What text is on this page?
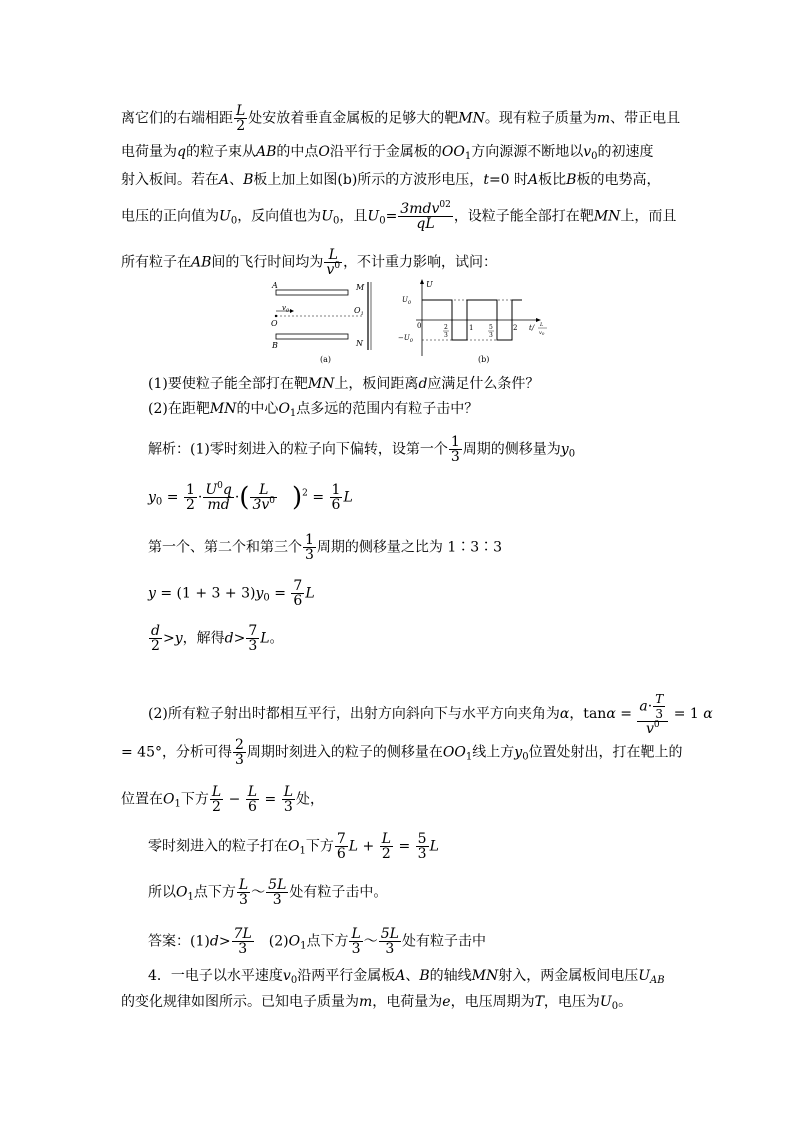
离它们的右端相距 $\frac{L}{2}$ 处安放着垂直金属板的足够大的靶MN。现有粒子质量为m、带正电且
电荷量为q的粒子束从AB的中点O沿平行于金属板的$OO_1$方向源源不断地以$v_0$的初速度
射入板间。若在A、B板上加上如图(b)所示的方波形电压，t=0 时A板比B板的电势高，
电压的正向值为$U_0$，反向值也为$U_0$，且$U_0= \frac{3mdv^{02}}{qL}$ ，设粒子能全部打在靶MN上，而且
所有粒子在AB间的飞行时间均为 $\frac{L}{v^0}$ ，不计重力影响，试问：
A
$v_0$
O
B
M
$O_1$
N
(a)
U
0
$U_0$
$-U_0$
2
3
1	5
3
2 t/ L
$v_0$
(b)
(1)要使粒子能全部打在靶MN上，板间距离d应满足什么条件？
(2)在距靶MN的中心$O_1$点多远的范围内有粒子击中？
解析：(1)零时刻进入的粒子向下偏转，设第一个 $\frac{1}{3}$ 周期的侧移量为$y_0$
$y_0 = \frac{1}{2} \cdot \frac{U^0q}{md}$ ·( $\frac{L}{3v^0} )^2 = \frac{1}{6}$ L
第一个、第二个和第三个 $\frac{1}{3}$ 周期的侧移量之比为 1∶3∶3
$y = (1 + 3 + 3)y_0 = \frac{7}{6}$ L
$\frac{d}{2} >y$，解得$d> \frac{7}{3}$ L。
(2)所有粒子射出时都相互平行，出射方向斜向下与水平方向夹角为α，$\tan\alpha = \frac{a\cdot \frac{T}{3}}{v^0} = 1$ α
= 45°，分析可得 $\frac{2}{3}$ 周期时刻进入的粒子的侧移量在$OO_1$线上方$y_0$位置处射出，打在靶上的
位置在$O_1$下方 $\frac{L}{2} - \frac{L}{6} = \frac{L}{3}$ 处，
零时刻进入的粒子打在$O_1$下方 $\frac{7}{6}$ $L + \frac{L}{2} = \frac{5}{3}$ L
所以$O_1$点下方 $\frac{L}{3}$ ～ $\frac{5L}{3}$ 处有粒子击中。
答案：$(1)d> \frac{7L}{3} (2)O_1$点下方 $\frac{L}{3}$ ～ $\frac{5L}{3}$ 处有粒子击中
4．一电子以水平速度$v_0$沿两平行金属板A、B的轴线MN射入，两金属板间电压$U_{AB}$
的变化规律如图所示。已知电子质量为m，电荷量为e，电压周期为T，电压为$U_0$。
